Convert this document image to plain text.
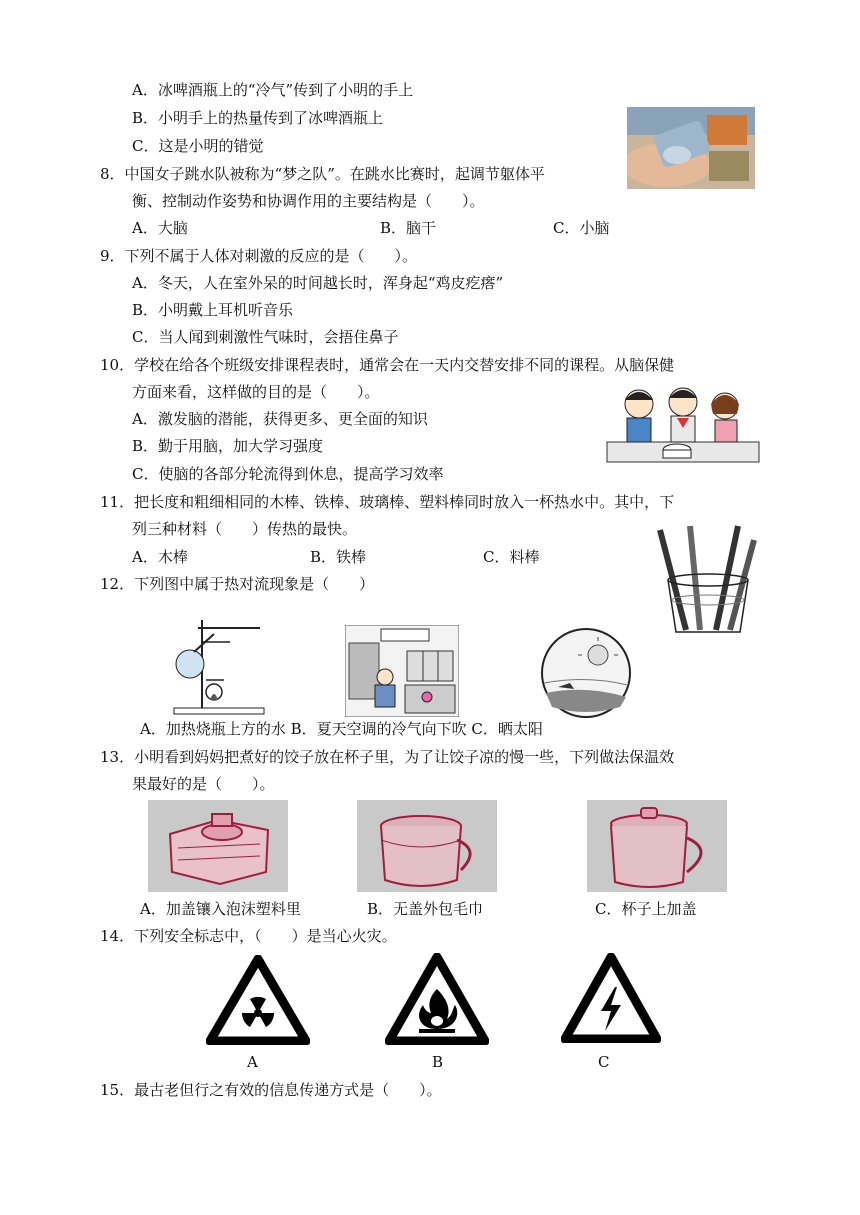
A．冰啤酒瓶上的“冷气”传到了小明的手上
B．小明手上的热量传到了冰啤酒瓶上
C．这是小明的错觉
8．中国女子跳水队被称为“梦之队”。在跳水比赛时，起调节躯体平
衡、控制动作姿势和协调作用的主要结构是（　　）。
A．大脑	B．脑干	C．小脑
9．下列不属于人体对刺激的反应的是（　　）。
A．冬天，人在室外呆的时间越长时，浑身起“鸡皮疙瘩”
B．小明戴上耳机听音乐
C．当人闻到刺激性气味时，会捂住鼻子
10．学校在给各个班级安排课程表时，通常会在一天内交替安排不同的课程。从脑保健
方面来看，这样做的目的是（　　）。
A．激发脑的潜能，获得更多、更全面的知识
B．勤于用脑，加大学习强度
C．使脑的各部分轮流得到休息，提高学习效率
11．把长度和粗细相同的木棒、铁棒、玻璃棒、塑料棒同时放入一杯热水中。其中，下
列三种材料（　　）传热的最快。
A．木棒	B．铁棒	C．料棒
12．下列图中属于热对流现象是（　　）
A．加热烧瓶上方的水 B．夏天空调的冷气向下吹 C．晒太阳
13．小明看到妈妈把煮好的饺子放在杯子里，为了让饺子凉的慢一些，下列做法保温效
果最好的是（　　）。
A．加盖镶入泡沫塑料里	B．无盖外包毛巾	C．杯子上加盖
14．下列安全标志中，（　　）是当心火灾。
A	B	C
15．最古老但行之有效的信息传递方式是（　　）。
